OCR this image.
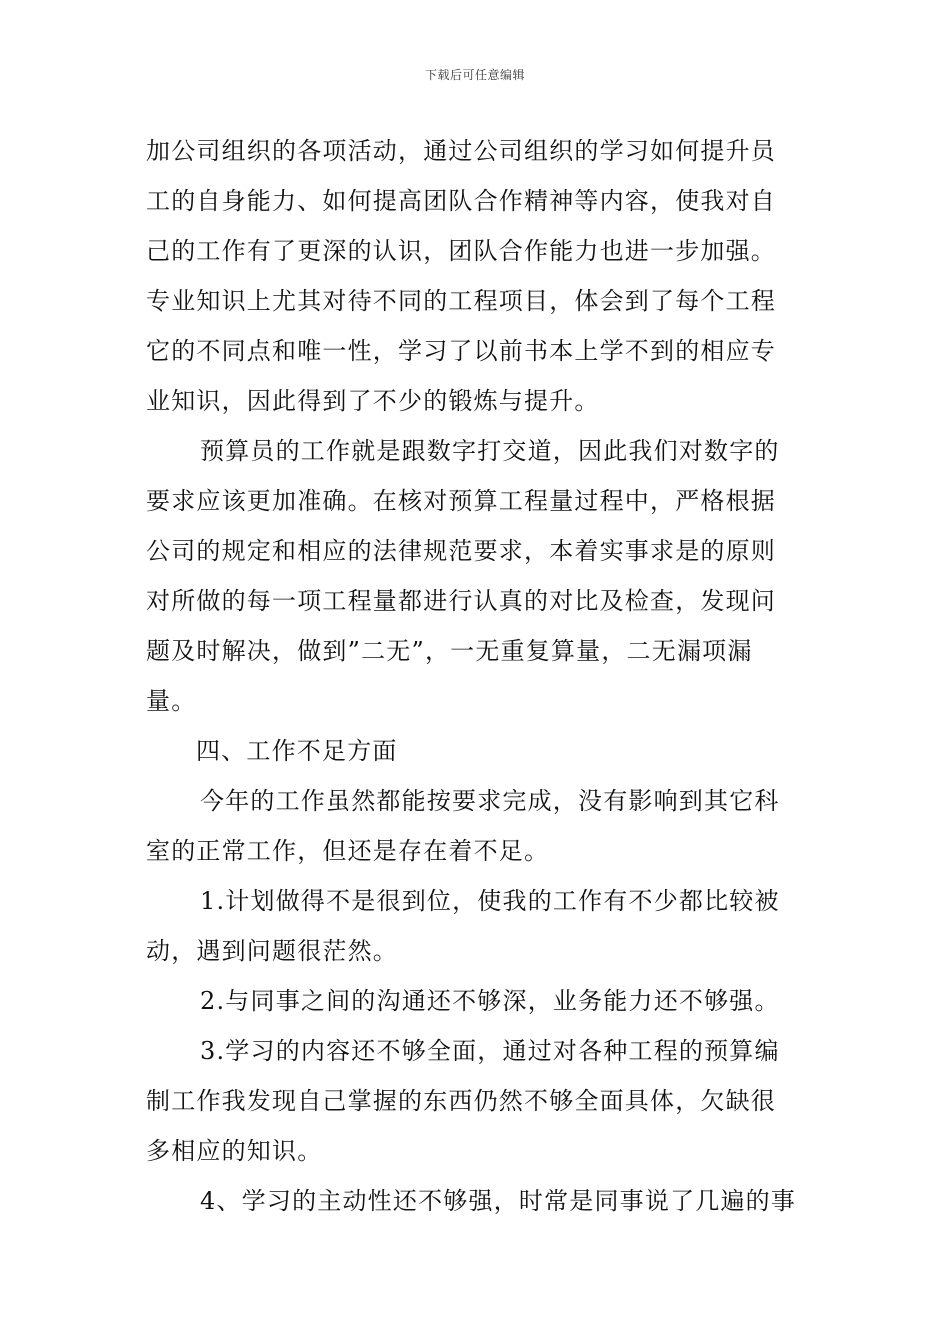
下载后可任意编辑
加公司组织的各项活动，通过公司组织的学习如何提升员
工的自身能力、如何提高团队合作精神等内容，使我对自
己的工作有了更深的认识，团队合作能力也进一步加强。
专业知识上尤其对待不同的工程项目，体会到了每个工程
它的不同点和唯一性，学习了以前书本上学不到的相应专
业知识，因此得到了不少的锻炼与提升。
预算员的工作就是跟数字打交道，因此我们对数字的
要求应该更加准确。在核对预算工程量过程中，严格根据
公司的规定和相应的法律规范要求，本着实事求是的原则
对所做的每一项工程量都进行认真的对比及检查，发现问
题及时解决，做到”二无”，一无重复算量，二无漏项漏
量。
四、工作不足方面
今年的工作虽然都能按要求完成，没有影响到其它科
室的正常工作，但还是存在着不足。
1.计划做得不是很到位，使我的工作有不少都比较被
动，遇到问题很茫然。
2.与同事之间的沟通还不够深，业务能力还不够强。
3.学习的内容还不够全面，通过对各种工程的预算编
制工作我发现自己掌握的东西仍然不够全面具体，欠缺很
多相应的知识。
4、学习的主动性还不够强，时常是同事说了几遍的事
